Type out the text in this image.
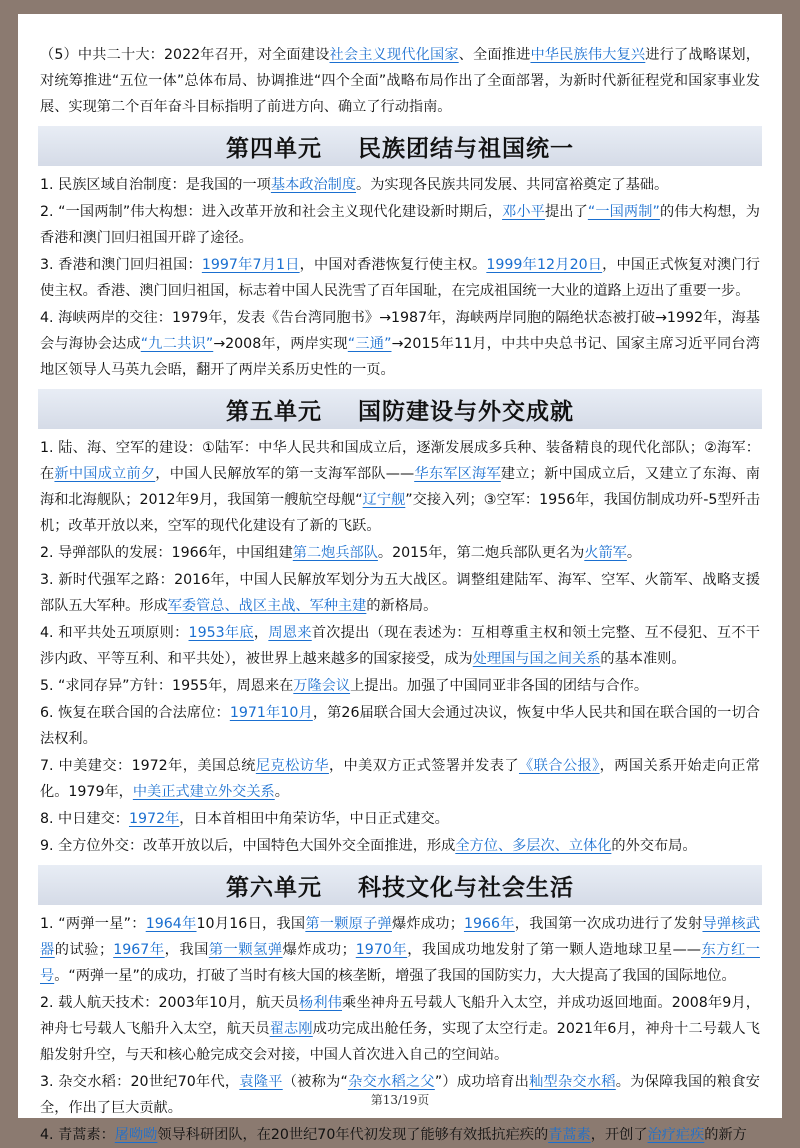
（5）中共二十大：2022年召开，对全面建设社会主义现代化国家、全面推进中华民族伟大复兴进行了战略谋划，对统筹推进“五位一体”总体布局、协调推进“四个全面”战略布局作出了全面部署，为新时代新征程党和国家事业发展、实现第二个百年奋斗目标指明了前进方向、确立了行动指南。

第四单元    民族团结与祖国统一

1. 民族区域自治制度：是我国的一项基本政治制度。为实现各民族共同发展、共同富裕奠定了基础。

2. “一国两制”伟大构想：进入改革开放和社会主义现代化建设新时期后，邓小平提出了“一国两制”的伟大构想，为香港和澳门回归祖国开辟了途径。

3. 香港和澳门回归祖国：1997年7月1日，中国对香港恢复行使主权。1999年12月20日，中国正式恢复对澳门行使主权。香港、澳门回归祖国，标志着中国人民洗雪了百年国耻，在完成祖国统一大业的道路上迈出了重要一步。

4. 海峡两岸的交往：1979年，发表《告台湾同胞书》→1987年，海峡两岸同胞的隔绝状态被打破→1992年，海基会与海协会达成“九二共识”→2008年，两岸实现“三通”→2015年11月，中共中央总书记、国家主席习近平同台湾地区领导人马英九会晤，翻开了两岸关系历史性的一页。

第五单元    国防建设与外交成就

1. 陆、海、空军的建设：①陆军：中华人民共和国成立后，逐渐发展成多兵种、装备精良的现代化部队；②海军：在新中国成立前夕，中国人民解放军的第一支海军部队——华东军区海军建立；新中国成立后，又建立了东海、南海和北海舰队；2012年9月，我国第一艘航空母舰“辽宁舰”交接入列；③空军：1956年，我国仿制成功歼-5型歼击机；改革开放以来，空军的现代化建设有了新的飞跃。

2. 导弹部队的发展：1966年，中国组建第二炮兵部队。2015年，第二炮兵部队更名为火箭军。

3. 新时代强军之路：2016年，中国人民解放军划分为五大战区。调整组建陆军、海军、空军、火箭军、战略支援部队五大军种。形成军委管总、战区主战、军种主建的新格局。

4. 和平共处五项原则：1953年底，周恩来首次提出（现在表述为：互相尊重主权和领土完整、互不侵犯、互不干涉内政、平等互利、和平共处），被世界上越来越多的国家接受，成为处理国与国之间关系的基本准则。

5. “求同存异”方针：1955年，周恩来在万隆会议上提出。加强了中国同亚非各国的团结与合作。

6. 恢复在联合国的合法席位：1971年10月，第26届联合国大会通过决议，恢复中华人民共和国在联合国的一切合法权利。

7. 中美建交：1972年，美国总统尼克松访华，中美双方正式签署并发表了《联合公报》，两国关系开始走向正常化。1979年，中美正式建立外交关系。

8. 中日建交：1972年，日本首相田中角荣访华，中日正式建交。

9. 全方位外交：改革开放以后，中国特色大国外交全面推进，形成全方位、多层次、立体化的外交布局。

第六单元    科技文化与社会生活

1. “两弹一星”：1964年10月16日，我国第一颗原子弹爆炸成功；1966年，我国第一次成功进行了发射导弹核武器的试验；1967年，我国第一颗氢弹爆炸成功；1970年，我国成功地发射了第一颗人造地球卫星——东方红一号。“两弹一星”的成功，打破了当时有核大国的核垄断，增强了我国的国防实力，大大提高了我国的国际地位。

2. 载人航天技术：2003年10月，航天员杨利伟乘坐神舟五号载人飞船升入太空，并成功返回地面。2008年9月，神舟七号载人飞船升入太空，航天员翟志刚成功完成出舱任务，实现了太空行走。2021年6月，神舟十二号载人飞船发射升空，与天和核心舱完成交会对接，中国人首次进入自己的空间站。

3. 杂交水稻：20世纪70年代，袁隆平（被称为“杂交水稻之父”）成功培育出籼型杂交水稻。为保障我国的粮食安全，作出了巨大贡献。

4. 青蒿素：屠呦呦领导科研团队，在20世纪70年代初发现了能够有效抵抗疟疾的青蒿素，开创了治疗疟疾的新方

第13/19页
